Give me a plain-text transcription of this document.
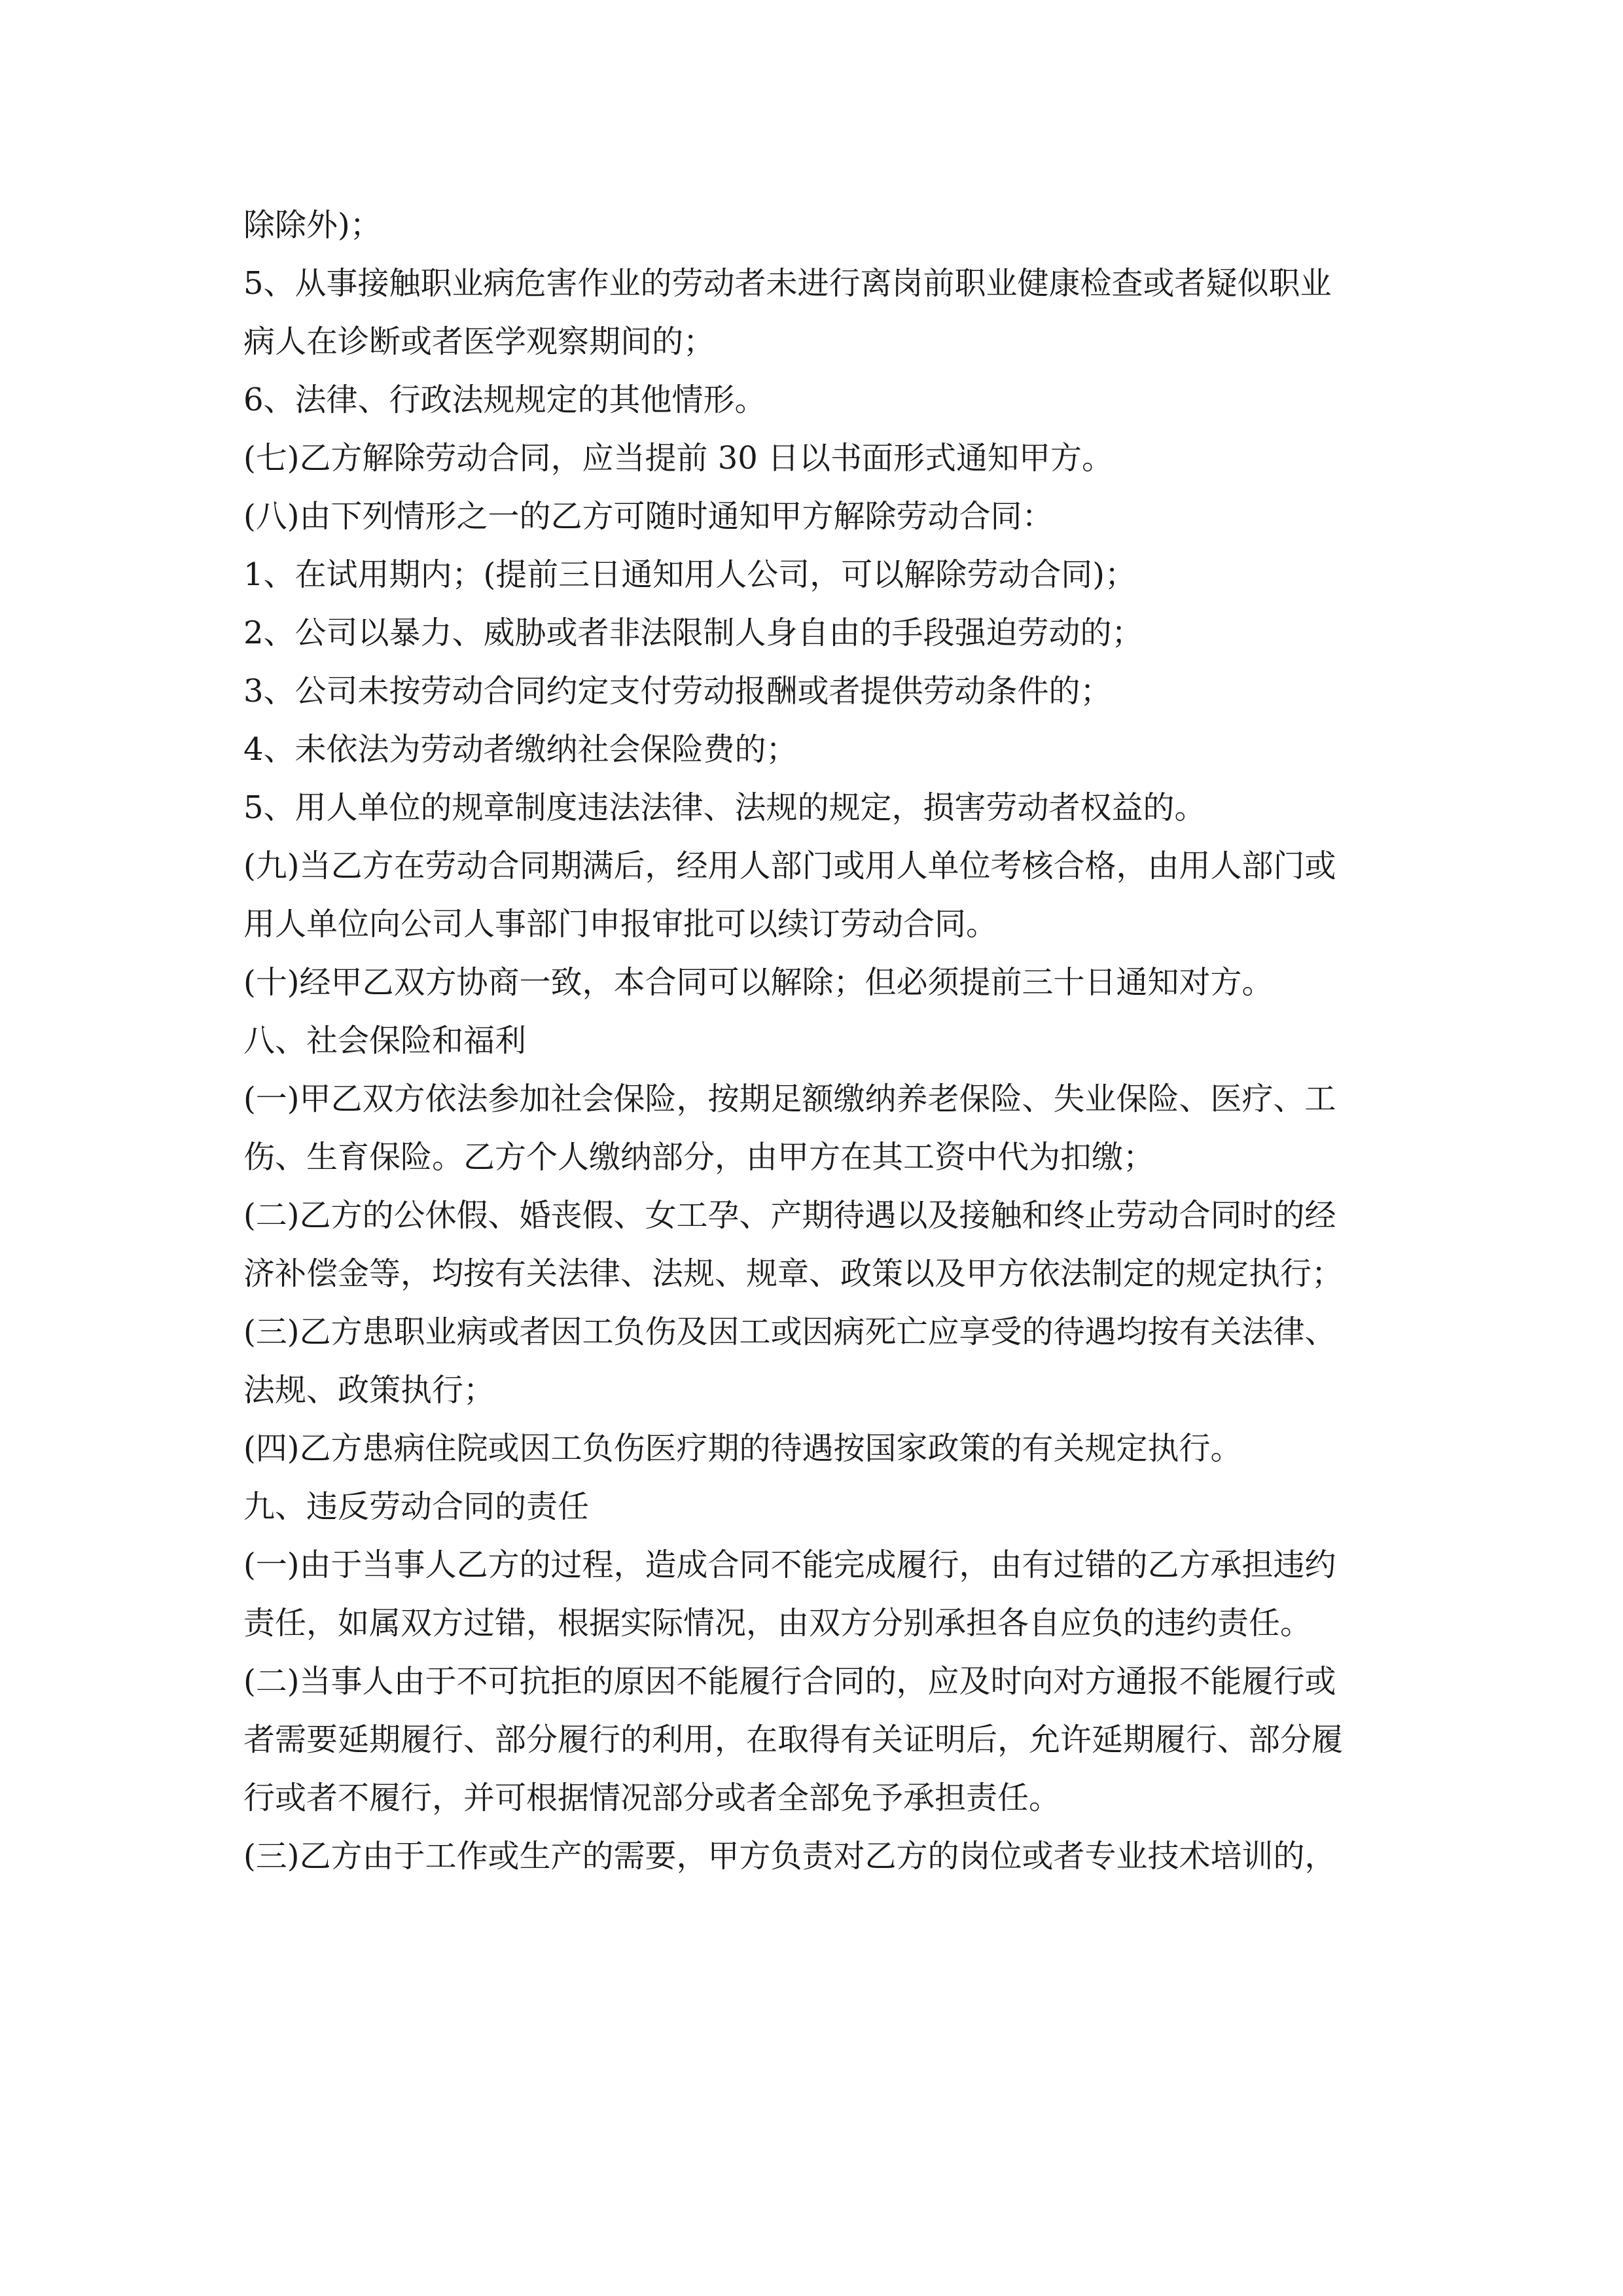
除除外)；

5、从事接触职业病危害作业的劳动者未进行离岗前职业健康检查或者疑似职业

病人在诊断或者医学观察期间的；

6、法律、行政法规规定的其他情形。

(七)乙方解除劳动合同，应当提前 30 日以书面形式通知甲方。

(八)由下列情形之一的乙方可随时通知甲方解除劳动合同：

1、在试用期内；(提前三日通知用人公司，可以解除劳动合同)；

2、公司以暴力、威胁或者非法限制人身自由的手段强迫劳动的；

3、公司未按劳动合同约定支付劳动报酬或者提供劳动条件的；

4、未依法为劳动者缴纳社会保险费的；

5、用人单位的规章制度违法法律、法规的规定，损害劳动者权益的。

(九)当乙方在劳动合同期满后，经用人部门或用人单位考核合格，由用人部门或

用人单位向公司人事部门申报审批可以续订劳动合同。

(十)经甲乙双方协商一致，本合同可以解除；但必须提前三十日通知对方。

八、社会保险和福利

(一)甲乙双方依法参加社会保险，按期足额缴纳养老保险、失业保险、医疗、工

伤、生育保险。乙方个人缴纳部分，由甲方在其工资中代为扣缴；

(二)乙方的公休假、婚丧假、女工孕、产期待遇以及接触和终止劳动合同时的经

济补偿金等，均按有关法律、法规、规章、政策以及甲方依法制定的规定执行；

(三)乙方患职业病或者因工负伤及因工或因病死亡应享受的待遇均按有关法律、

法规、政策执行；

(四)乙方患病住院或因工负伤医疗期的待遇按国家政策的有关规定执行。

九、违反劳动合同的责任

(一)由于当事人乙方的过程，造成合同不能完成履行，由有过错的乙方承担违约

责任，如属双方过错，根据实际情况，由双方分别承担各自应负的违约责任。

(二)当事人由于不可抗拒的原因不能履行合同的，应及时向对方通报不能履行或

者需要延期履行、部分履行的利用，在取得有关证明后，允许延期履行、部分履

行或者不履行，并可根据情况部分或者全部免予承担责任。

(三)乙方由于工作或生产的需要，甲方负责对乙方的岗位或者专业技术培训的，
